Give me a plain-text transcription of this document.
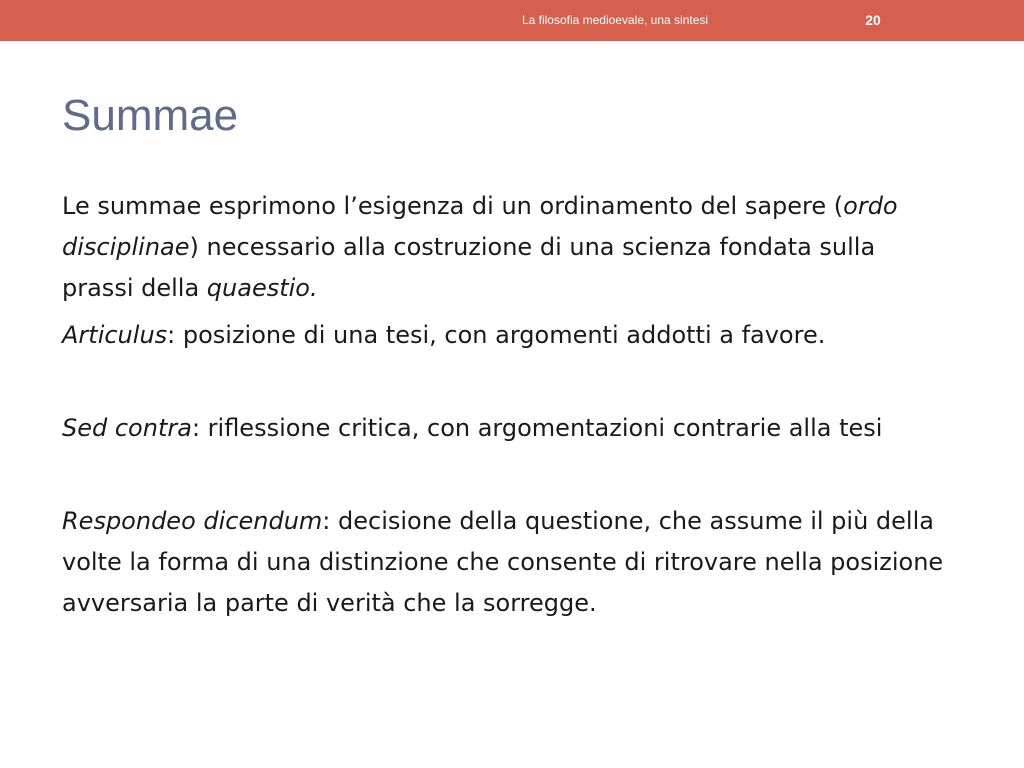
La filosofia medioevale, una sintesi	20
Summae

Le summae esprimono l’esigenza di un ordinamento del sapere (ordo disciplinae) necessario alla costruzione di una scienza fondata sulla prassi della quaestio.

Articulus: posizione di una tesi, con argomenti addotti a favore.

Sed contra: riflessione critica, con argomentazioni contrarie alla tesi

Respondeo dicendum: decisione della questione, che assume il più della volte la forma di una distinzione che consente di ritrovare nella posizione avversaria la parte di verità che la sorregge.
